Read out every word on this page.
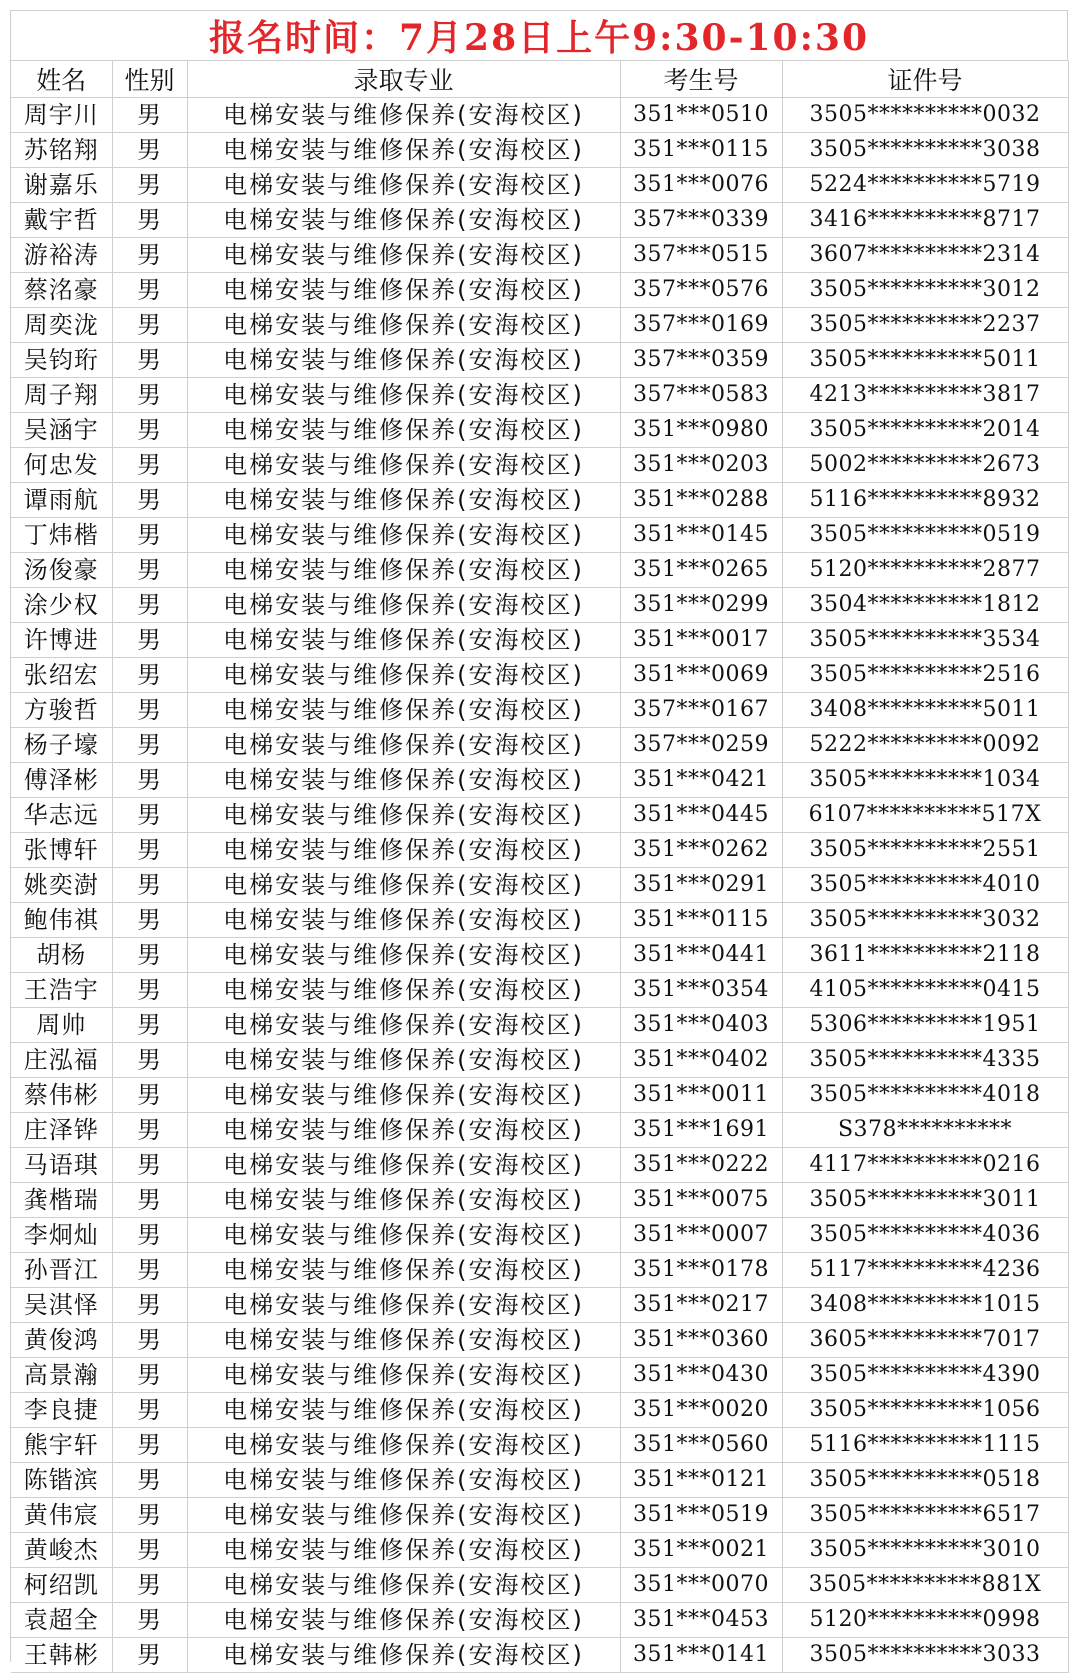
报名时间：7月28日上午9:30-10:30
姓名	性别	录取专业	考生号	证件号
周宇川	男	电梯安装与维修保养(安海校区)	351***0510	3505**********0032
苏铭翔	男	电梯安装与维修保养(安海校区)	351***0115	3505**********3038
谢嘉乐	男	电梯安装与维修保养(安海校区)	351***0076	5224**********5719
戴宇哲	男	电梯安装与维修保养(安海校区)	357***0339	3416**********8717
游裕涛	男	电梯安装与维修保养(安海校区)	357***0515	3607**********2314
蔡洺豪	男	电梯安装与维修保养(安海校区)	357***0576	3505**********3012
周奕泷	男	电梯安装与维修保养(安海校区)	357***0169	3505**********2237
吴钧珩	男	电梯安装与维修保养(安海校区)	357***0359	3505**********5011
周子翔	男	电梯安装与维修保养(安海校区)	357***0583	4213**********3817
吴涵宇	男	电梯安装与维修保养(安海校区)	351***0980	3505**********2014
何忠发	男	电梯安装与维修保养(安海校区)	351***0203	5002**********2673
谭雨航	男	电梯安装与维修保养(安海校区)	351***0288	5116**********8932
丁炜楷	男	电梯安装与维修保养(安海校区)	351***0145	3505**********0519
汤俊豪	男	电梯安装与维修保养(安海校区)	351***0265	5120**********2877
涂少权	男	电梯安装与维修保养(安海校区)	351***0299	3504**********1812
许博进	男	电梯安装与维修保养(安海校区)	351***0017	3505**********3534
张绍宏	男	电梯安装与维修保养(安海校区)	351***0069	3505**********2516
方骏哲	男	电梯安装与维修保养(安海校区)	357***0167	3408**********5011
杨子壕	男	电梯安装与维修保养(安海校区)	357***0259	5222**********0092
傅泽彬	男	电梯安装与维修保养(安海校区)	351***0421	3505**********1034
华志远	男	电梯安装与维修保养(安海校区)	351***0445	6107**********517X
张博轩	男	电梯安装与维修保养(安海校区)	351***0262	3505**********2551
姚奕澍	男	电梯安装与维修保养(安海校区)	351***0291	3505**********4010
鲍伟祺	男	电梯安装与维修保养(安海校区)	351***0115	3505**********3032
胡杨	男	电梯安装与维修保养(安海校区)	351***0441	3611**********2118
王浩宇	男	电梯安装与维修保养(安海校区)	351***0354	4105**********0415
周帅	男	电梯安装与维修保养(安海校区)	351***0403	5306**********1951
庄泓福	男	电梯安装与维修保养(安海校区)	351***0402	3505**********4335
蔡伟彬	男	电梯安装与维修保养(安海校区)	351***0011	3505**********4018
庄泽铧	男	电梯安装与维修保养(安海校区)	351***1691	S378**********
马语琪	男	电梯安装与维修保养(安海校区)	351***0222	4117**********0216
龚楷瑞	男	电梯安装与维修保养(安海校区)	351***0075	3505**********3011
李炯灿	男	电梯安装与维修保养(安海校区)	351***0007	3505**********4036
孙晋江	男	电梯安装与维修保养(安海校区)	351***0178	5117**********4236
吴淇怿	男	电梯安装与维修保养(安海校区)	351***0217	3408**********1015
黄俊鸿	男	电梯安装与维修保养(安海校区)	351***0360	3605**********7017
高景瀚	男	电梯安装与维修保养(安海校区)	351***0430	3505**********4390
李良捷	男	电梯安装与维修保养(安海校区)	351***0020	3505**********1056
熊宇轩	男	电梯安装与维修保养(安海校区)	351***0560	5116**********1115
陈锴滨	男	电梯安装与维修保养(安海校区)	351***0121	3505**********0518
黄伟宸	男	电梯安装与维修保养(安海校区)	351***0519	3505**********6517
黄峻杰	男	电梯安装与维修保养(安海校区)	351***0021	3505**********3010
柯绍凯	男	电梯安装与维修保养(安海校区)	351***0070	3505**********881X
袁超全	男	电梯安装与维修保养(安海校区)	351***0453	5120**********0998
王韩彬	男	电梯安装与维修保养(安海校区)	351***0141	3505**********3033
